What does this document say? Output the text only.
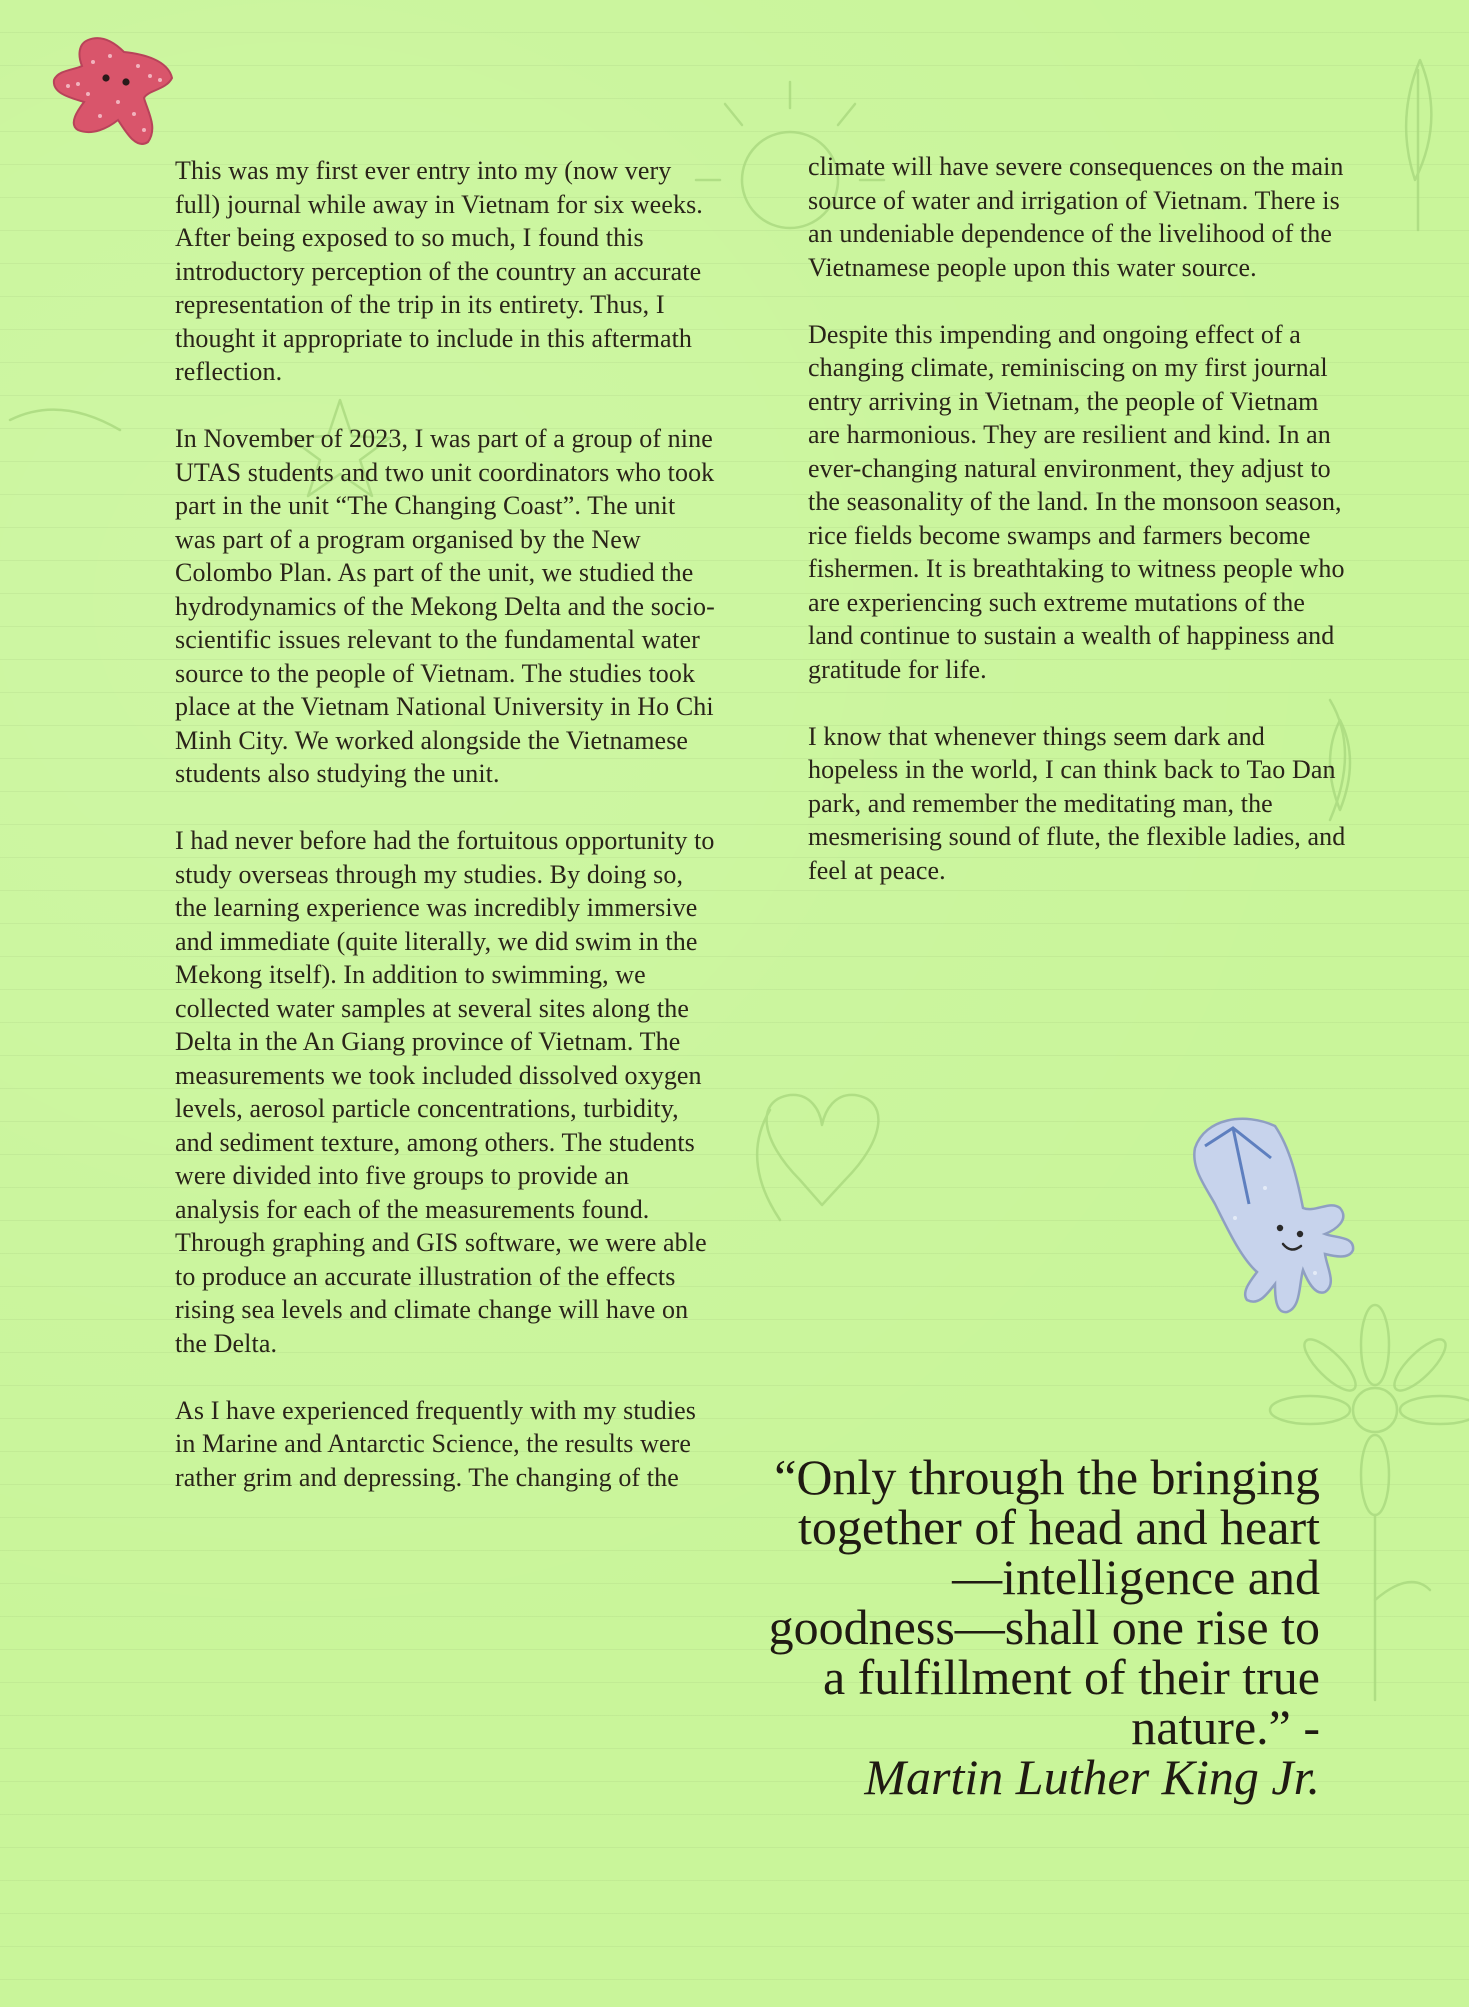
This was my first ever entry into my (now very full) journal while away in Vietnam for six weeks. After being exposed to so much, I found this introductory perception of the country an accurate representation of the trip in its entirety. Thus, I thought it appropriate to include in this aftermath reflection.

In November of 2023, I was part of a group of nine UTAS students and two unit coordinators who took part in the unit “The Changing Coast”. The unit was part of a program organised by the New Colombo Plan. As part of the unit, we studied the hydrodynamics of the Mekong Delta and the socio-scientific issues relevant to the fundamental water source to the people of Vietnam. The studies took place at the Vietnam National University in Ho Chi Minh City. We worked alongside the Vietnamese students also studying the unit.

I had never before had the fortuitous opportunity to study overseas through my studies. By doing so, the learning experience was incredibly immersive and immediate (quite literally, we did swim in the Mekong itself). In addition to swimming, we collected water samples at several sites along the Delta in the An Giang province of Vietnam. The measurements we took included dissolved oxygen levels, aerosol particle concentrations, turbidity, and sediment texture, among others. The students were divided into five groups to provide an analysis for each of the measurements found. Through graphing and GIS software, we were able to produce an accurate illustration of the effects rising sea levels and climate change will have on the Delta.

As I have experienced frequently with my studies in Marine and Antarctic Science, the results were rather grim and depressing. The changing of the

climate will have severe consequences on the main source of water and irrigation of Vietnam. There is an undeniable dependence of the livelihood of the Vietnamese people upon this water source.

Despite this impending and ongoing effect of a changing climate, reminiscing on my first journal entry arriving in Vietnam, the people of Vietnam are harmonious. They are resilient and kind. In an ever-changing natural environment, they adjust to the seasonality of the land. In the monsoon season, rice fields become swamps and farmers become fishermen. It is breathtaking to witness people who are experiencing such extreme mutations of the land continue to sustain a wealth of happiness and gratitude for life.

I know that whenever things seem dark and hopeless in the world, I can think back to Tao Dan park, and remember the meditating man, the mesmerising sound of flute, the flexible ladies, and feel at peace.

“Only through the bringing together of head and heart—intelligence and goodness—shall one rise to a fulfillment of their true nature.” -
Martin Luther King Jr.
